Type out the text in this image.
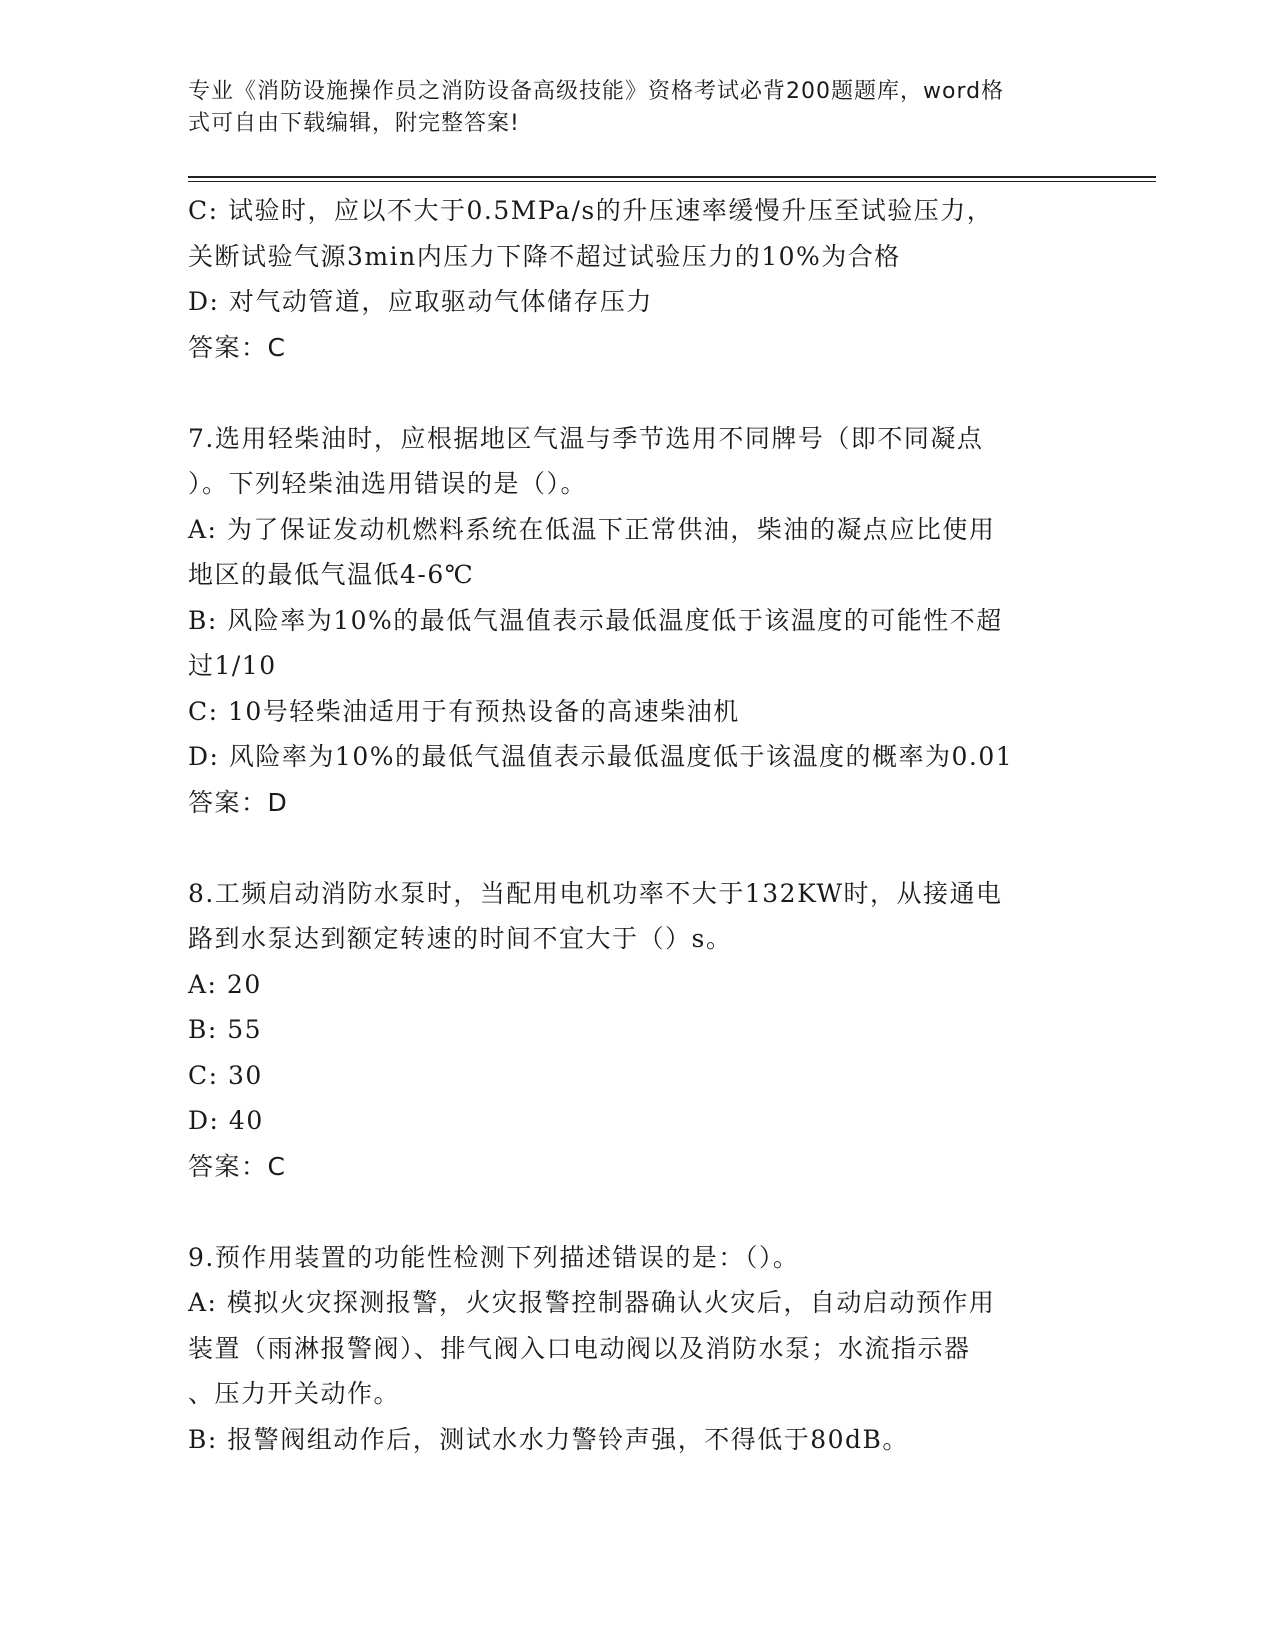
专业《消防设施操作员之消防设备高级技能》资格考试必背200题题库，word格
式可自由下载编辑，附完整答案!
C: 试验时，应以不大于0.5MPa/s的升压速率缓慢升压至试验压力，
关断试验气源3min内压力下降不超过试验压力的10%为合格
D: 对气动管道，应取驱动气体储存压力
答案：C
7.选用轻柴油时，应根据地区气温与季节选用不同牌号（即不同凝点
）。下列轻柴油选用错误的是（）。
A: 为了保证发动机燃料系统在低温下正常供油，柴油的凝点应比使用
地区的最低气温低4-6℃
B: 风险率为10%的最低气温值表示最低温度低于该温度的可能性不超
过1/10
C: 10号轻柴油适用于有预热设备的高速柴油机
D: 风险率为10%的最低气温值表示最低温度低于该温度的概率为0.01
答案：D
8.工频启动消防水泵时，当配用电机功率不大于132KW时，从接通电
路到水泵达到额定转速的时间不宜大于（）s。
A: 20
B: 55
C: 30
D: 40
答案：C
9.预作用装置的功能性检测下列描述错误的是：（）。
A: 模拟火灾探测报警，火灾报警控制器确认火灾后，自动启动预作用
装置（雨淋报警阀）、排气阀入口电动阀以及消防水泵；水流指示器
、压力开关动作。
B: 报警阀组动作后，测试水水力警铃声强，不得低于80dB。
